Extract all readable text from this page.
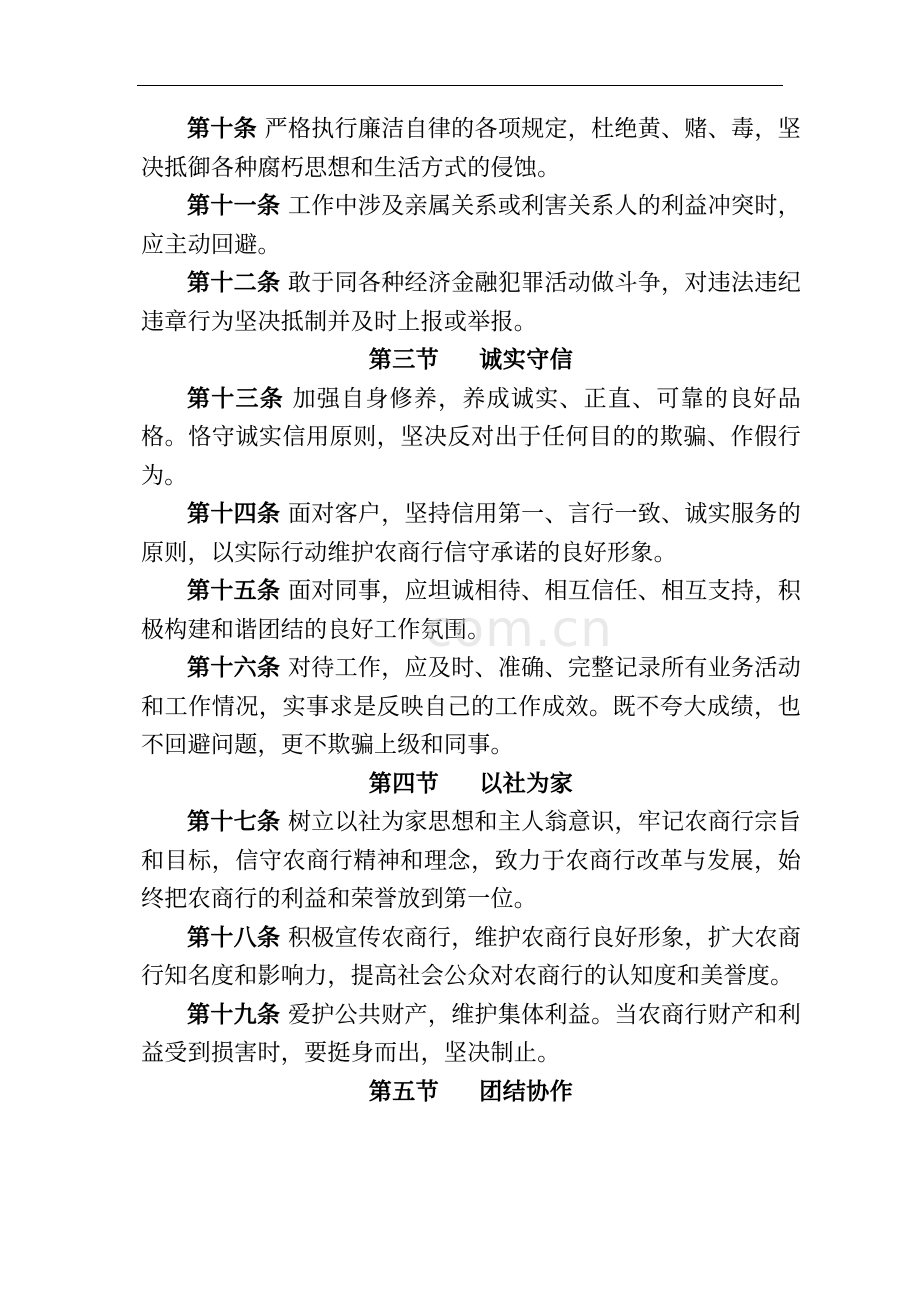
第十条 严格执行廉洁自律的各项规定，杜绝黄、赌、毒，坚决抵御各种腐朽思想和生活方式的侵蚀。

第十一条 工作中涉及亲属关系或利害关系人的利益冲突时，应主动回避。

第十二条 敢于同各种经济金融犯罪活动做斗争，对违法违纪违章行为坚决抵制并及时上报或举报。

第三节 诚实守信

第十三条 加强自身修养，养成诚实、正直、可靠的良好品格。恪守诚实信用原则，坚决反对出于任何目的的欺骗、作假行为。

第十四条 面对客户，坚持信用第一、言行一致、诚实服务的原则，以实际行动维护农商行信守承诺的良好形象。

第十五条 面对同事，应坦诚相待、相互信任、相互支持，积极构建和谐团结的良好工作氛围。

第十六条 对待工作，应及时、准确、完整记录所有业务活动和工作情况，实事求是反映自己的工作成效。既不夸大成绩，也不回避问题，更不欺骗上级和同事。

第四节 以社为家

第十七条 树立以社为家思想和主人翁意识，牢记农商行宗旨和目标，信守农商行精神和理念，致力于农商行改革与发展，始终把农商行的利益和荣誉放到第一位。

第十八条 积极宣传农商行，维护农商行良好形象，扩大农商行知名度和影响力，提高社会公众对农商行的认知度和美誉度。

第十九条 爱护公共财产，维护集体利益。当农商行财产和利益受到损害时，要挺身而出，坚决制止。

第五节 团结协作

com.cn
